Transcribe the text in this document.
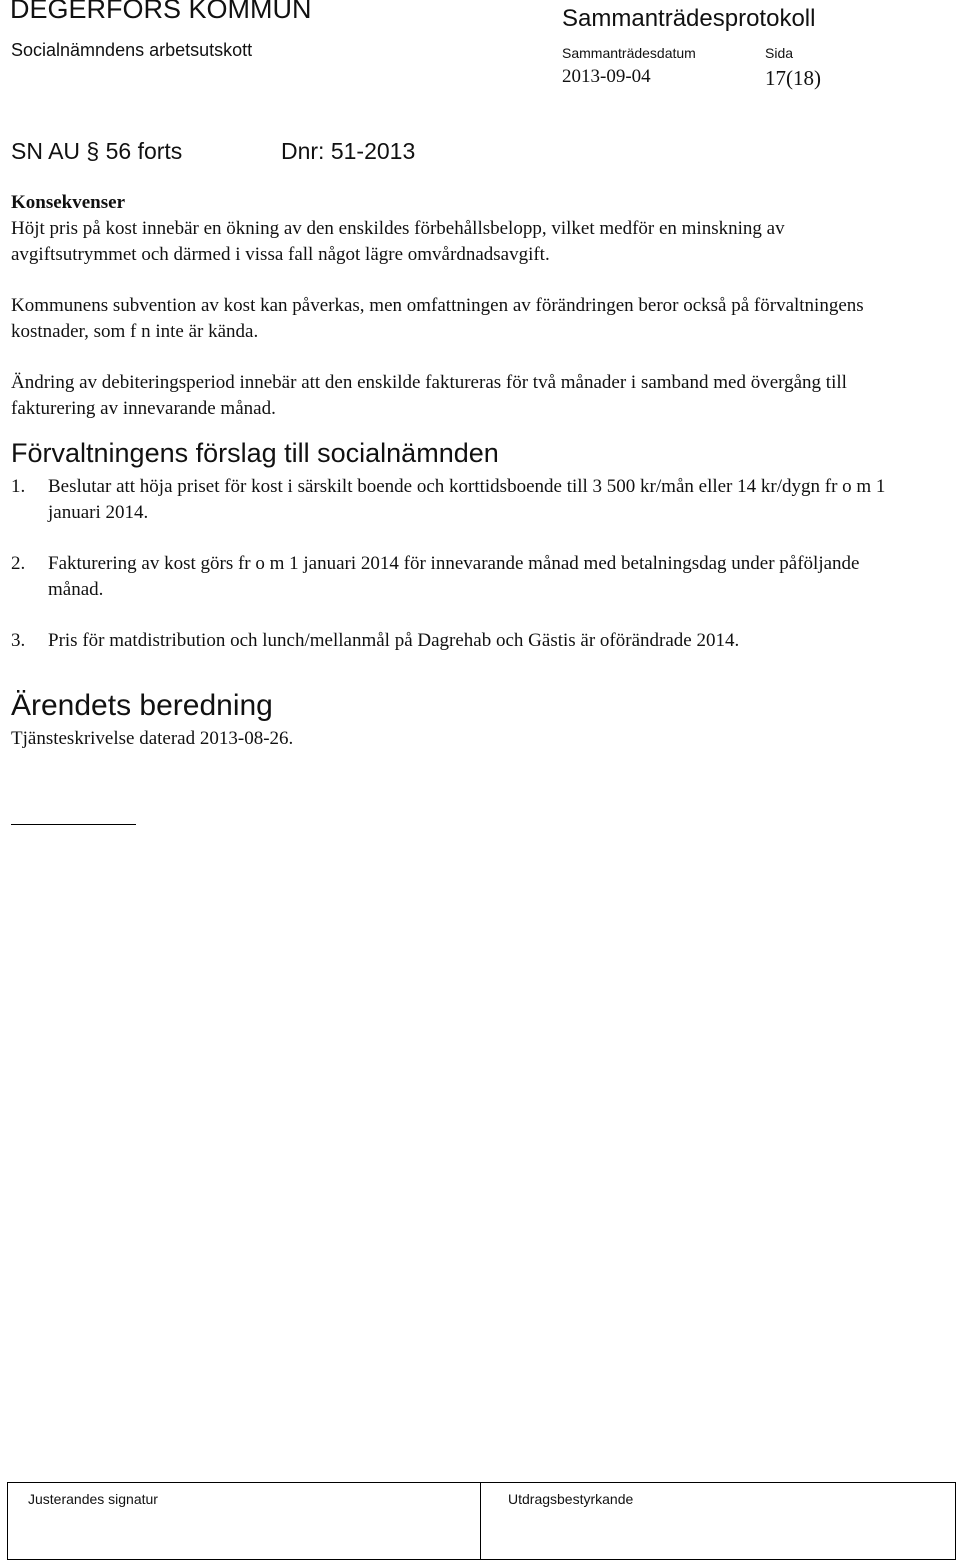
DEGERFORS KOMMUN
Socialnämndens arbetsutskott
Sammanträdesprotokoll
Sammanträdesdatum
2013-09-04
Sida
17(18)
SN AU § 56 forts	Dnr: 51-2013

Konsekvenser

Höjt pris på kost innebär en ökning av den enskildes förbehållsbelopp, vilket medför en minskning av avgiftsutrymmet och därmed i vissa fall något lägre omvårdnadsavgift.

Kommunens subvention av kost kan påverkas, men omfattningen av förändringen beror också på förvaltningens kostnader, som f n inte är kända.

Ändring av debiteringsperiod innebär att den enskilde faktureras för två månader i samband med övergång till fakturering av innevarande månad.

Förvaltningens förslag till socialnämnden
1.	Beslutar att höja priset för kost i särskilt boende och korttidsboende till 3 500 kr/mån eller 14 kr/dygn fr o m 1 januari 2014.
2.	Fakturering av kost görs fr o m 1 januari 2014 för innevarande månad med betalningsdag under påföljande månad.
3.	Pris för matdistribution och lunch/mellanmål på Dagrehab och Gästis är oförändrade 2014.
Ärendets beredning

Tjänsteskrivelse daterad 2013-08-26.

Justerandes signatur	Utdragsbestyrkande
